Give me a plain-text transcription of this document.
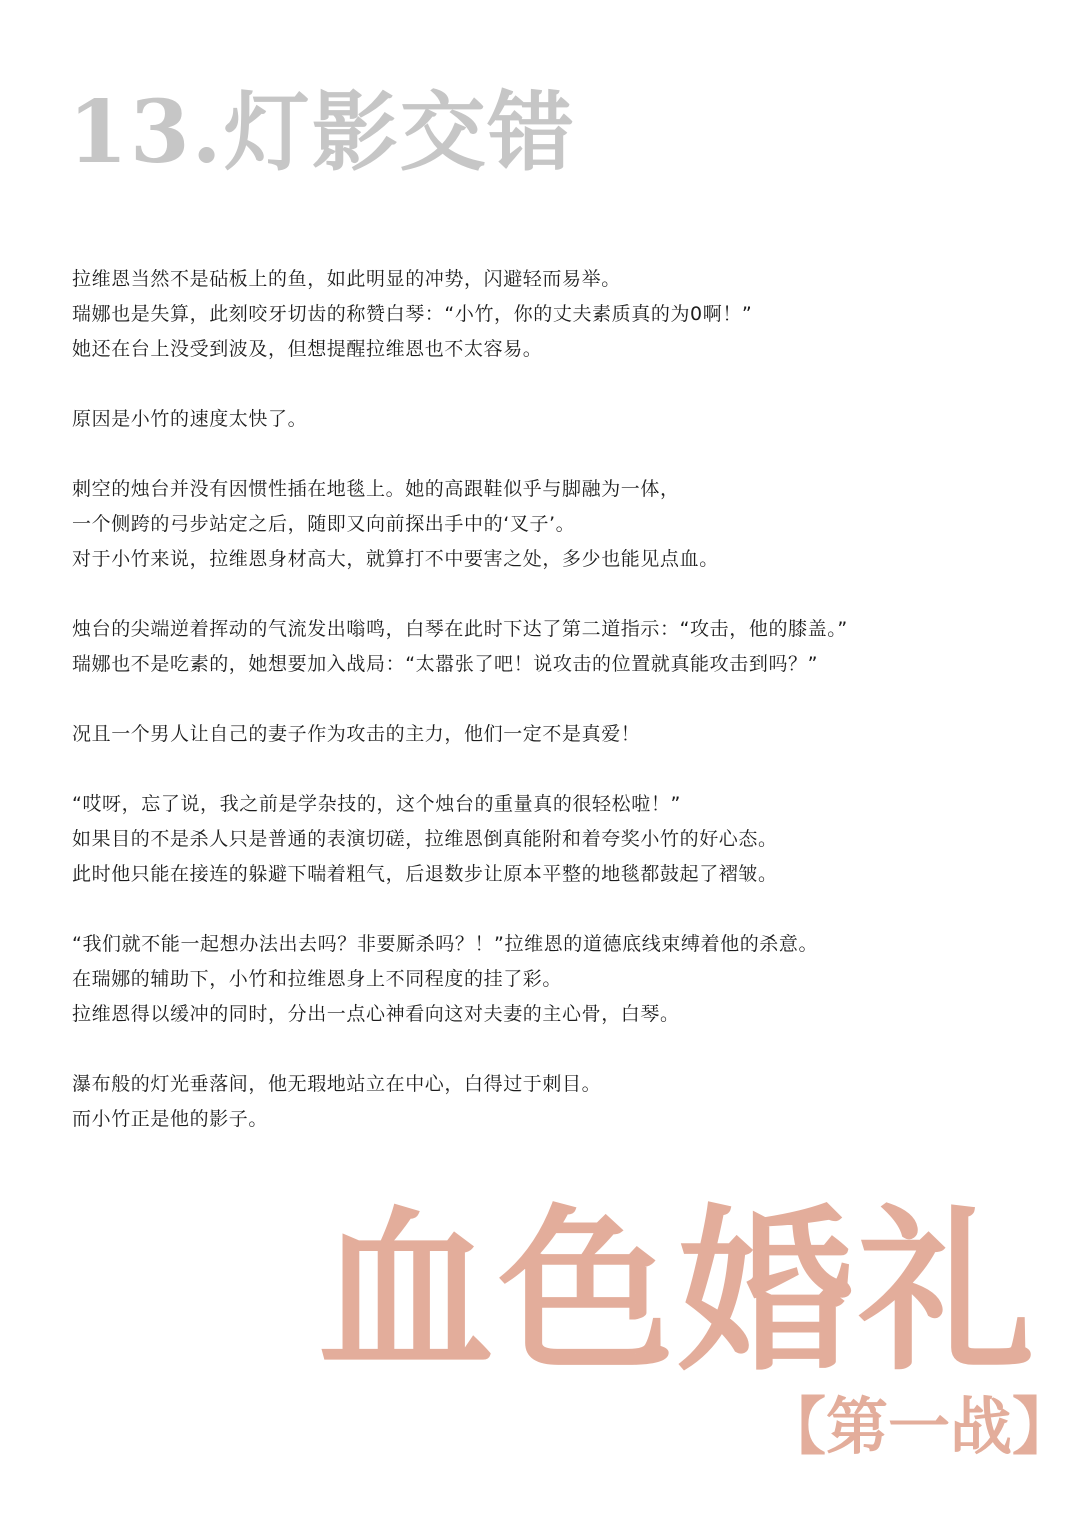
13.灯影交错
拉维恩当然不是砧板上的鱼，如此明显的冲势，闪避轻而易举。
瑞娜也是失算，此刻咬牙切齿的称赞白琴：“小竹，你的丈夫素质真的为0啊！”
她还在台上没受到波及，但想提醒拉维恩也不太容易。
原因是小竹的速度太快了。
刺空的烛台并没有因惯性插在地毯上。她的高跟鞋似乎与脚融为一体，
一个侧跨的弓步站定之后，随即又向前探出手中的‘叉子’。
对于小竹来说，拉维恩身材高大，就算打不中要害之处，多少也能见点血。
烛台的尖端逆着挥动的气流发出嗡鸣，白琴在此时下达了第二道指示：“攻击，他的膝盖。”
瑞娜也不是吃素的，她想要加入战局：“太嚣张了吧！说攻击的位置就真能攻击到吗？”
况且一个男人让自己的妻子作为攻击的主力，他们一定不是真爱！
“哎呀，忘了说，我之前是学杂技的，这个烛台的重量真的很轻松啦！”
如果目的不是杀人只是普通的表演切磋，拉维恩倒真能附和着夸奖小竹的好心态。
此时他只能在接连的躲避下喘着粗气，后退数步让原本平整的地毯都鼓起了褶皱。
“我们就不能一起想办法出去吗？非要厮杀吗？！”拉维恩的道德底线束缚着他的杀意。
在瑞娜的辅助下，小竹和拉维恩身上不同程度的挂了彩。
拉维恩得以缓冲的同时，分出一点心神看向这对夫妻的主心骨，白琴。
瀑布般的灯光垂落间，他无瑕地站立在中心，白得过于刺目。
而小竹正是他的影子。
血色婚礼
【第一战】
